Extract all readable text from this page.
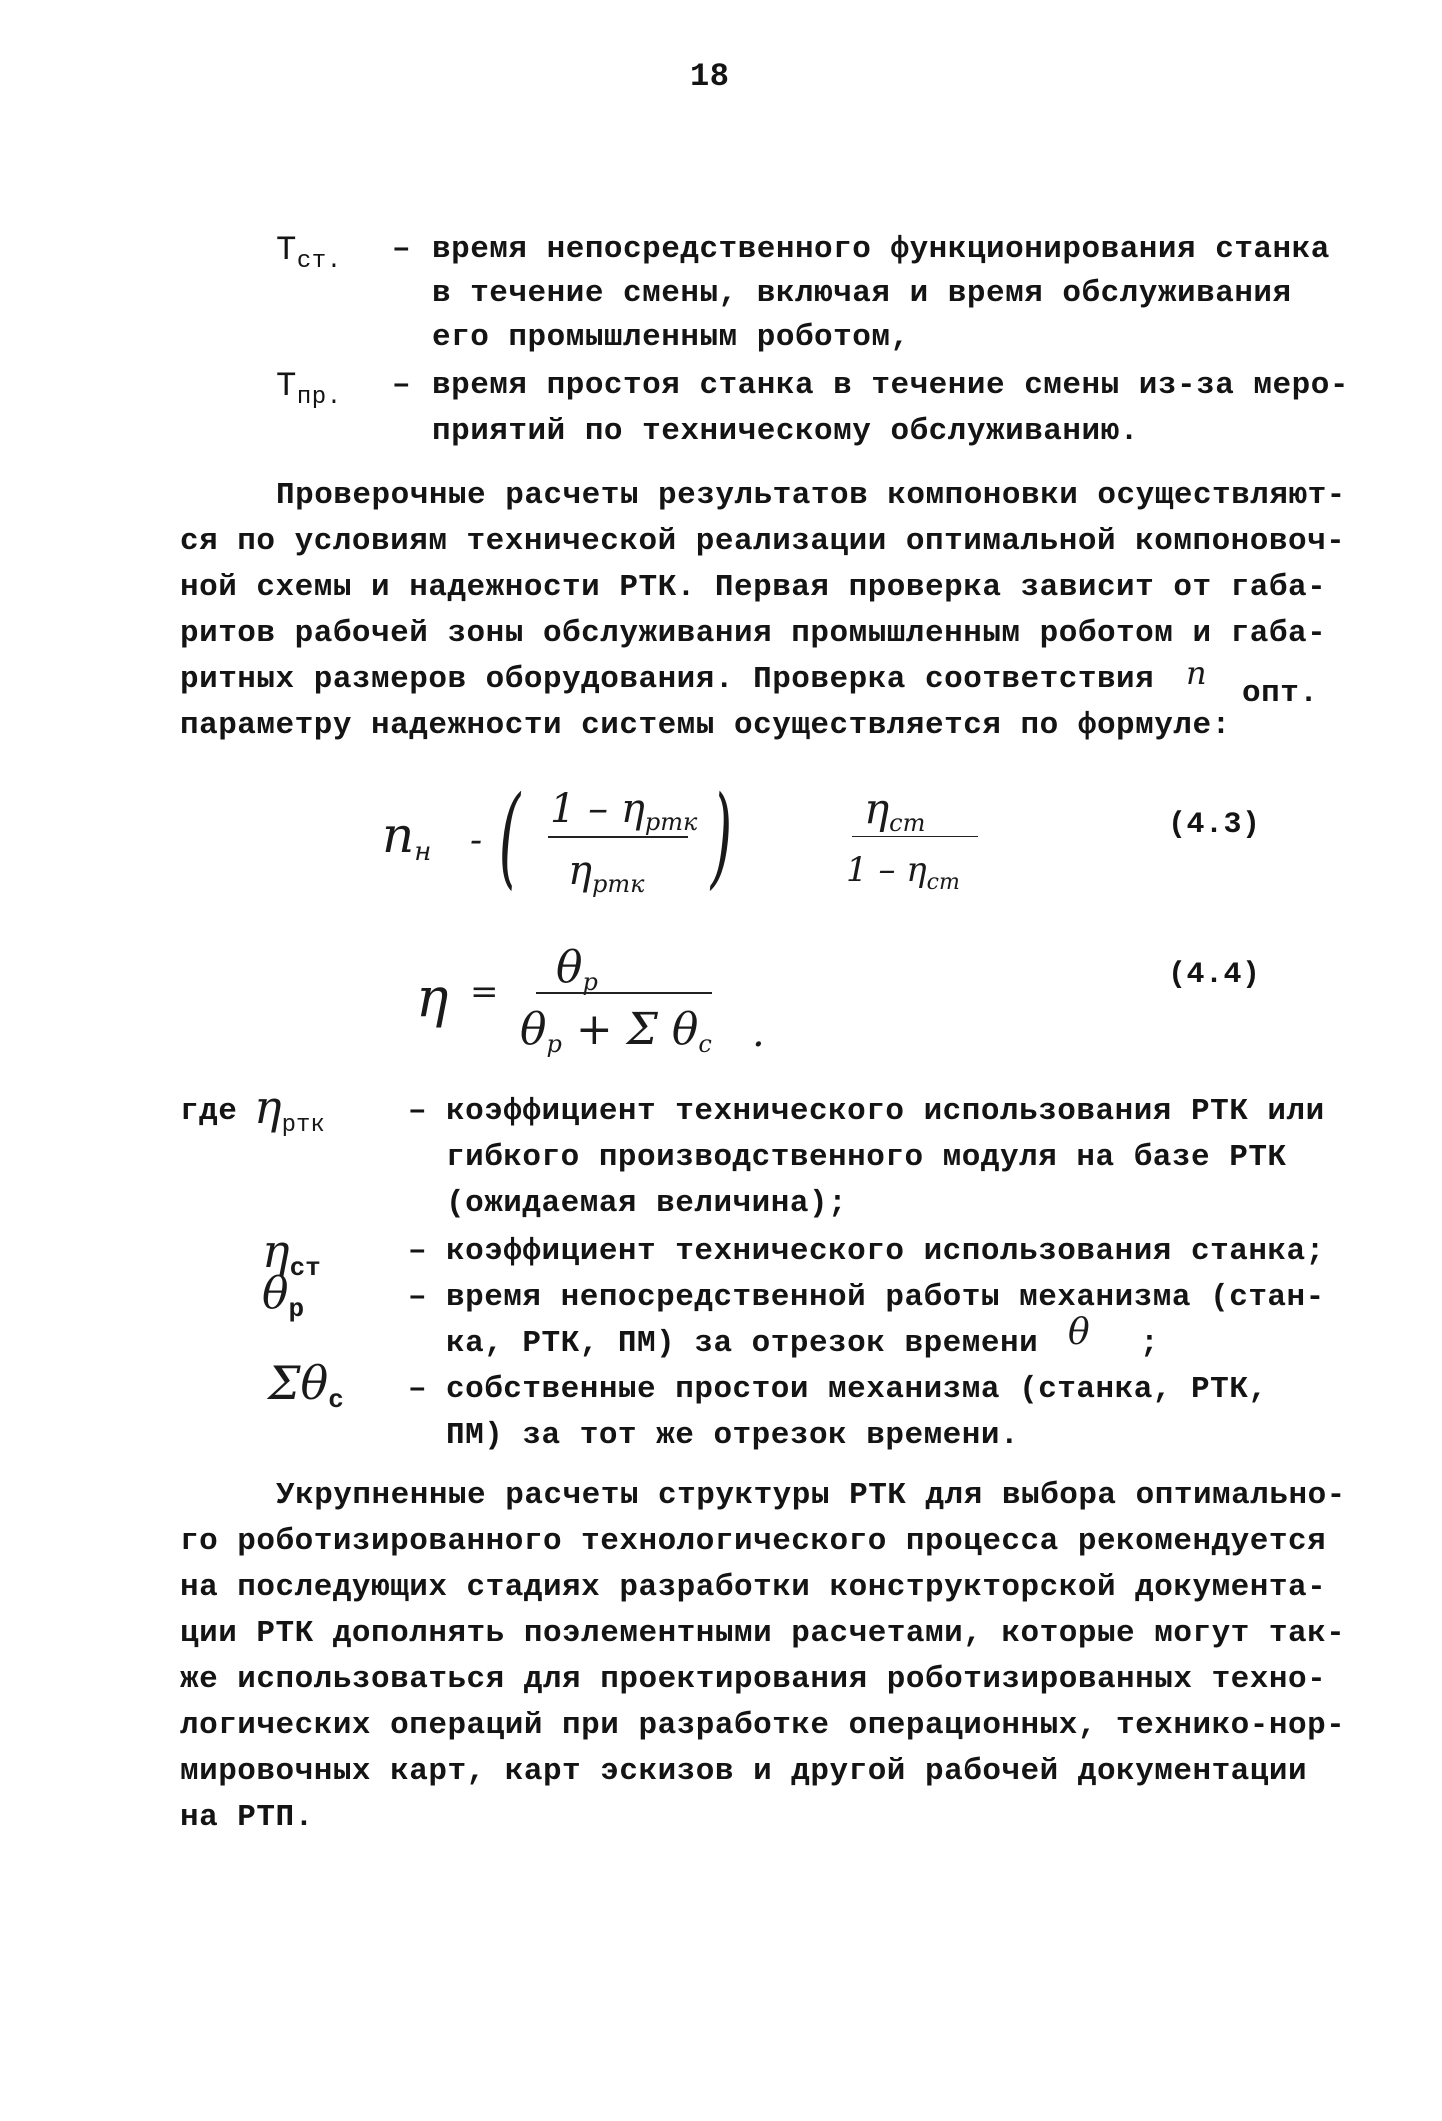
18
$T_{ст.}$ – время непосредственного функционирования станка
в течение смены, включая и время обслуживания
его промышленным роботом,
$T_{пр.}$ – время простоя станка в течение смены из-за меро-
приятий по техническому обслуживанию.
Проверочные расчеты результатов компоновки осуществляют-
ся по условиям технической реализации оптимальной компоновоч-
ной схемы и надежности РТК. Первая проверка зависит от габа-
ритов рабочей зоны обслуживания промышленным роботом и габа-
ритных размеров оборудования. Проверка соответствия n
опт.
параметру надежности системы осуществляется по формуле:
$n_н$ - ( $1 - \eta_{ртк}$
$\eta_{ртк}$ )	$\eta_{ст}$
$1 - \eta_{ст}$
(4.3)
$\eta = \theta_р$
$\theta_р + \Sigma$ $\theta_с$ .
(4.4)
где $\eta_{ртк}$	– коэффициент технического использования РТК или
гибкого производственного модуля на базе РТК
(ожидаемая величина);
$\eta_{ст}$	– коэффициент технического использования станка;
$\theta_р$	– время непосредственной работы механизма (стан-
ка, РТК, ПМ) за отрезок времени θ ;
$\Sigma\theta_с$ – собственные простои механизма (станка, РТК,
ПМ) за тот же отрезок времени.
Укрупненные расчеты структуры РТК для выбора оптимально-
го роботизированного технологического процесса рекомендуется
на последующих стадиях разработки конструкторской документа-
ции РТК дополнять поэлементными расчетами, которые могут так-
же использоваться для проектирования роботизированных техно-
логических операций при разработке операционных, технико-нор-
мировочных карт, карт эскизов и другой рабочей документации
на РТП.
